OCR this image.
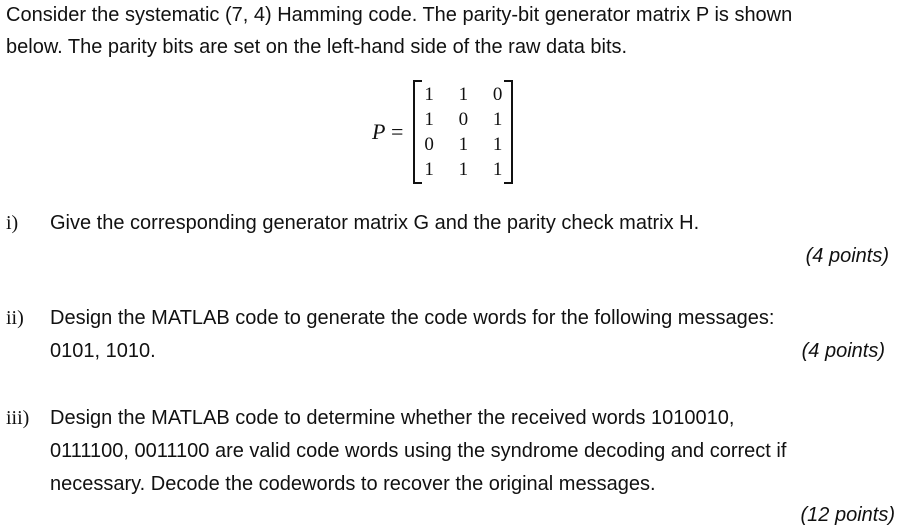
Consider the systematic (7, 4) Hamming code. The parity-bit generator matrix P is shown
below. The parity bits are set on the left-hand side of the raw data bits.
P =
1	1	0
1	0	1
0	1	1
1	1	1
i) Give the corresponding generator matrix G and the parity check matrix H.
(4 points)
ii) Design the MATLAB code to generate the code words for the following messages:
0101, 1010.	(4 points)
iii) Design the MATLAB code to determine whether the received words 1010010,
0111100, 0011100 are valid code words using the syndrome decoding and correct if
necessary. Decode the codewords to recover the original messages.
(12 points)
